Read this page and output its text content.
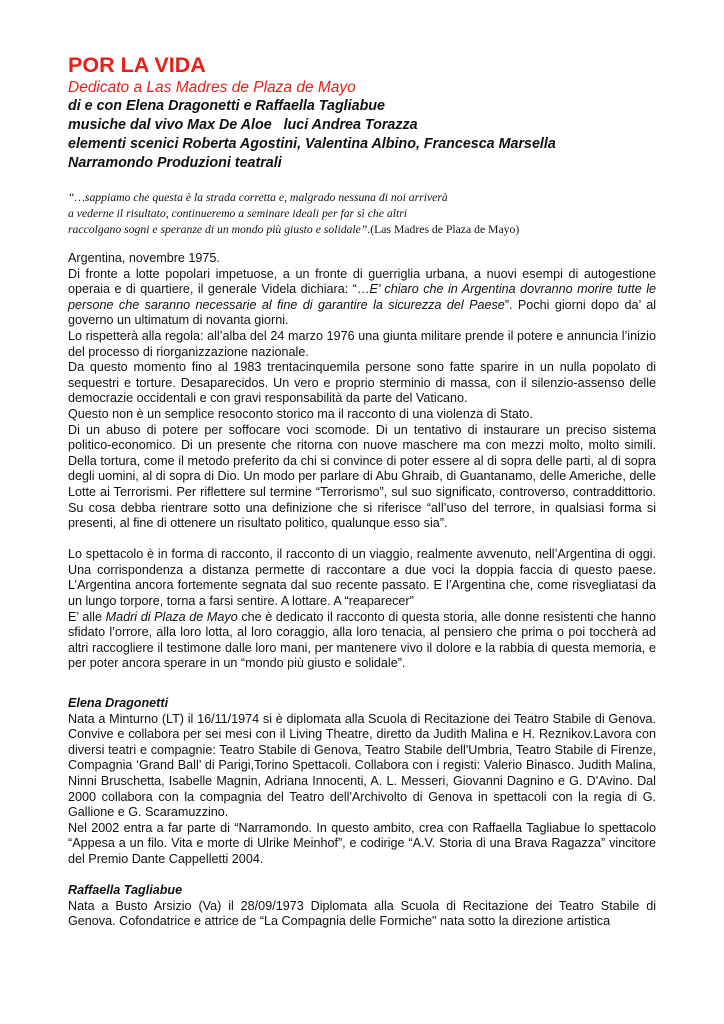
POR LA VIDA

Dedicato a Las Madres de Plaza de Mayo

di e con Elena Dragonetti e Raffaella Tagliabue

musiche dal vivo Max De Aloe   luci Andrea Torazza

elementi scenici Roberta Agostini, Valentina Albino, Francesca Marsella

Narramondo Produzioni teatrali

“…sappiamo che questa è la strada corretta e, malgrado nessuna di noi arriverà
a vederne il risultato, continueremo a seminare ideali per far sì che altri
raccolgano sogni e speranze di un mondo più giusto e solidale”.(Las Madres de Plaza de Mayo)

Argentina, novembre 1975.

Di fronte a lotte popolari impetuose, a un fronte di guerriglia urbana, a nuovi esempi di autogestione operaia e di quartiere, il generale Videla dichiara: “…E’ chiaro che in Argentina dovranno morire tutte le persone che saranno necessarie al fine di garantire la sicurezza del Paese”. Pochi giorni dopo da’ al governo un ultimatum di novanta giorni.

Lo rispetterà alla regola: all’alba del 24 marzo 1976 una giunta militare prende il potere e annuncia l’inizio del processo di riorganizzazione nazionale.

Da questo momento fino al 1983 trentacinquemila persone sono fatte sparire in un nulla popolato di sequestri e torture. Desaparecidos. Un vero e proprio sterminio di massa, con il silenzio-assenso delle democrazie occidentali e con gravi responsabilità da parte del Vaticano.

Questo non è un semplice resoconto storico ma il racconto di una violenza di Stato.

Di un abuso di potere per soffocare voci scomode. Di un tentativo di instaurare un preciso sistema politico-economico. Di un presente che ritorna con nuove maschere ma con mezzi molto, molto simili. Della tortura, come il metodo preferito da chi si convince di poter essere al di sopra delle parti, al di sopra degli uomini, al di sopra di Dio. Un modo per parlare di Abu Ghraib, di Guantanamo, delle Americhe, delle Lotte ai Terrorismi. Per riflettere sul termine “Terrorismo”, sul suo significato, controverso, contraddittorio. Su cosa debba rientrare sotto una definizione che si riferisce “all’uso del terrore, in qualsiasi forma si presenti, al fine di ottenere un risultato politico, qualunque esso sia”.

Lo spettacolo è in forma di racconto, il racconto di un viaggio, realmente avvenuto, nell’Argentina di oggi. Una corrispondenza a distanza permette di raccontare a due voci la doppia faccia di questo paese. L’Argentina ancora fortemente segnata dal suo recente passato. E l’Argentina che, come risvegliatasi da un lungo torpore, torna a farsi sentire. A lottare. A “reaparecer”

E’ alle Madri di Plaza de Mayo che è dedicato il racconto di questa storia, alle donne resistenti che hanno sfidato l’orrore, alla loro lotta, al loro coraggio, alla loro tenacia, al pensiero che prima o poi toccherà ad altri raccogliere il testimone dalle loro mani, per mantenere vivo il dolore e la rabbia di questa memoria, e per poter ancora sperare in un “mondo più giusto e solidale”.

Elena Dragonetti

Nata a Minturno (LT) il 16/11/1974 si è diplomata alla Scuola di Recitazione dei Teatro Stabile di Genova. Convive e collabora per sei mesi con il Living Theatre, diretto da Judith Malina e H. Reznikov.Lavora con diversi teatri e compagnie: Teatro Stabile di Genova, Teatro Stabile dell'Umbria, Teatro Stabile di Firenze, Compagnia ‘Grand Ball’ di Parigi,Torino Spettacoli. Collabora con i registi: Valerio Binasco. Judith Malina, Ninni Bruschetta, Isabelle Magnin, Adriana Innocenti, A. L. Messeri, Giovanni Dagnino e G. D'Avino. Dal 2000 collabora con la compagnia del Teatro dell'Archivolto di Genova in spettacoli con la regia di G. Gallione e G. Scaramuzzino.

Nel 2002 entra a far parte di “Narramondo. In questo ambito, crea con Raffaella Tagliabue lo spettacolo “Appesa a un filo. Vita e morte di Ulrike Meinhof”, e codirige “A.V. Storia di una Brava Ragazza” vincitore del Premio Dante Cappelletti 2004.

Raffaella Tagliabue

Nata a Busto Arsizio (Va) il 28/09/1973 Diplomata alla Scuola di Recitazione dei Teatro Stabile di Genova. Cofondatrice e attrice de “La Compagnia delle Formiche" nata sotto la direzione artistica
